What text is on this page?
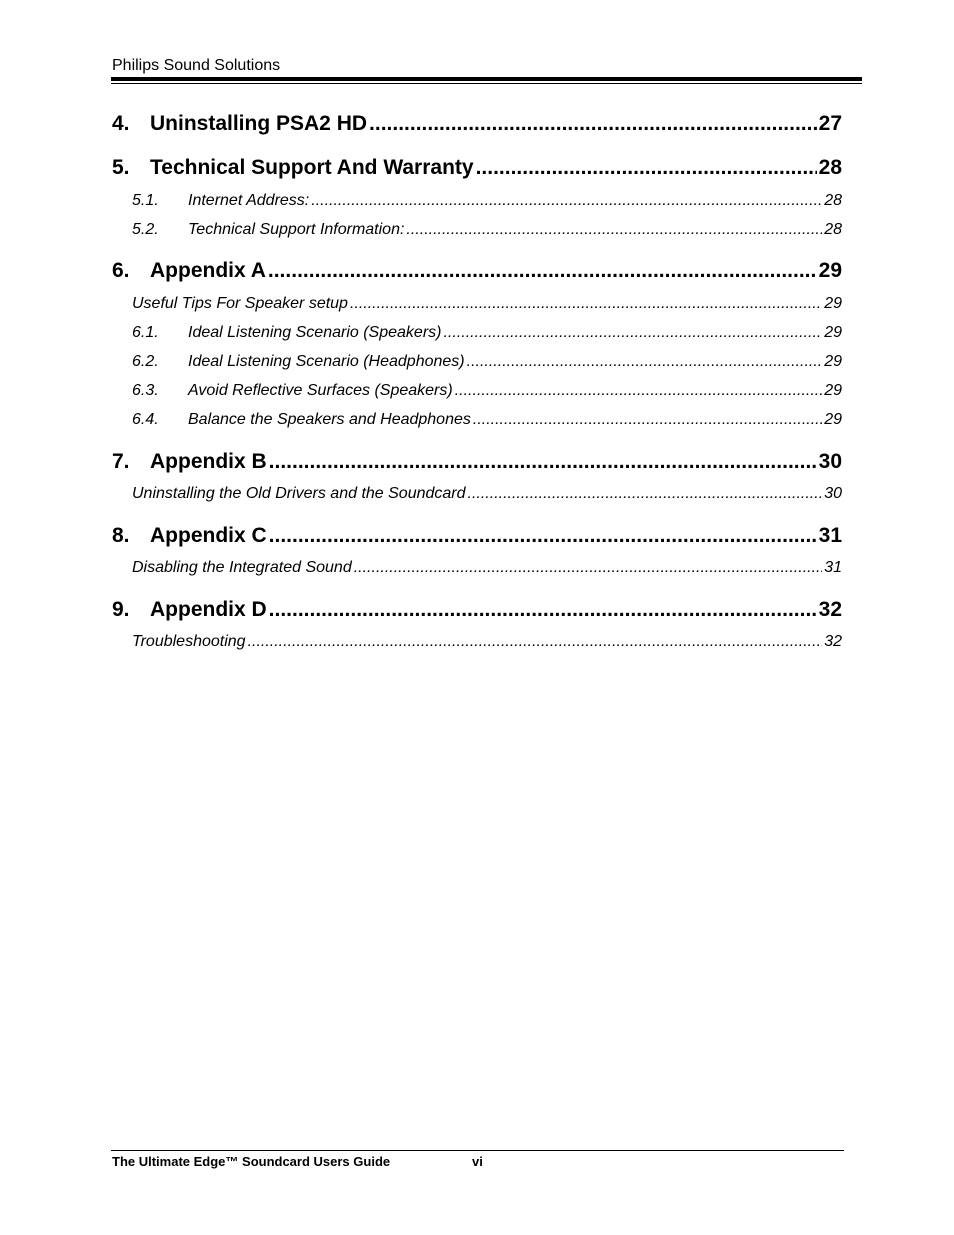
Philips Sound Solutions
4. Uninstalling PSA2 HD .....	27
5. Technical Support And Warranty .....	28
5.1.	Internet Address: .....	28
5.2.	Technical Support Information: .....	28
6. Appendix A .....	29
Useful Tips For Speaker setup .....	29
6.1.	Ideal Listening Scenario (Speakers) .....	29
6.2.	Ideal Listening Scenario (Headphones) .....	29
6.3.	Avoid Reflective Surfaces (Speakers) .....	29
6.4.	Balance the Speakers and Headphones .....	29
7. Appendix B .....	30
Uninstalling the Old Drivers and the Soundcard .....	30
8. Appendix C .....	31
Disabling the Integrated Sound .....	31
9. Appendix D .....	32
Troubleshooting .....	32
The Ultimate Edge™ Soundcard Users Guide	vi
